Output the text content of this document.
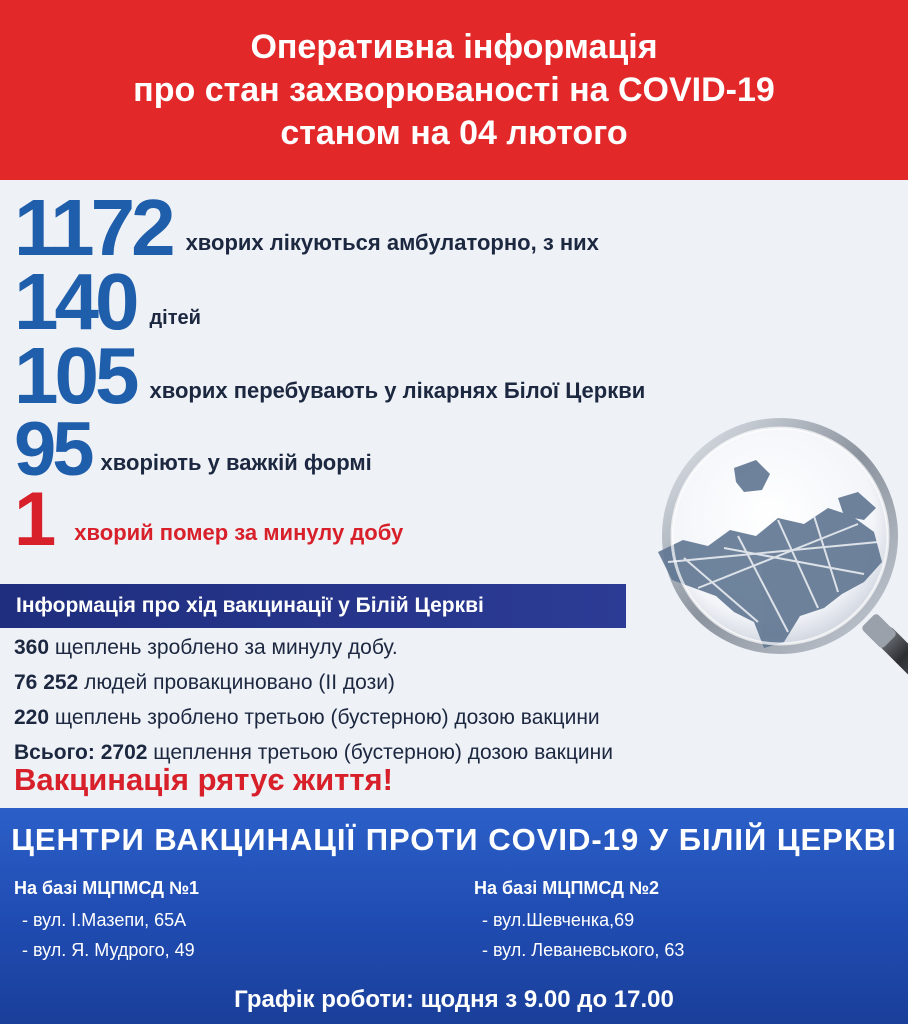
Оперативна інформація
про стан захворюваності на COVID-19
станом на 04 лютого
1172 хворих лікуються амбулаторно, з них
140 дітей
105 хворих перебувають у лікарнях Білої Церкви
95 хворіють у важкій формі
1 хворий помер за минулу добу
Інформація про хід вакцинації у Білій Церкві
360 щеплень зроблено за минулу добу.
76 252 людей провакциновано (ІІ дози)
220 щеплень зроблено третьою (бустерною) дозою вакцини
Всього: 2702 щеплення третьою (бустерною) дозою вакцини
Вакцинація рятує життя!
ЦЕНТРИ ВАКЦИНАЦІЇ ПРОТИ COVID-19 У БІЛІЙ ЦЕРКВІ
На базі МЦПМСД №1
- вул. І.Мазепи, 65А
- вул. Я. Мудрого, 49
На базі МЦПМСД №2
- вул.Шевченка,69
- вул. Леваневського, 63
Графік роботи: щодня з 9.00 до 17.00
